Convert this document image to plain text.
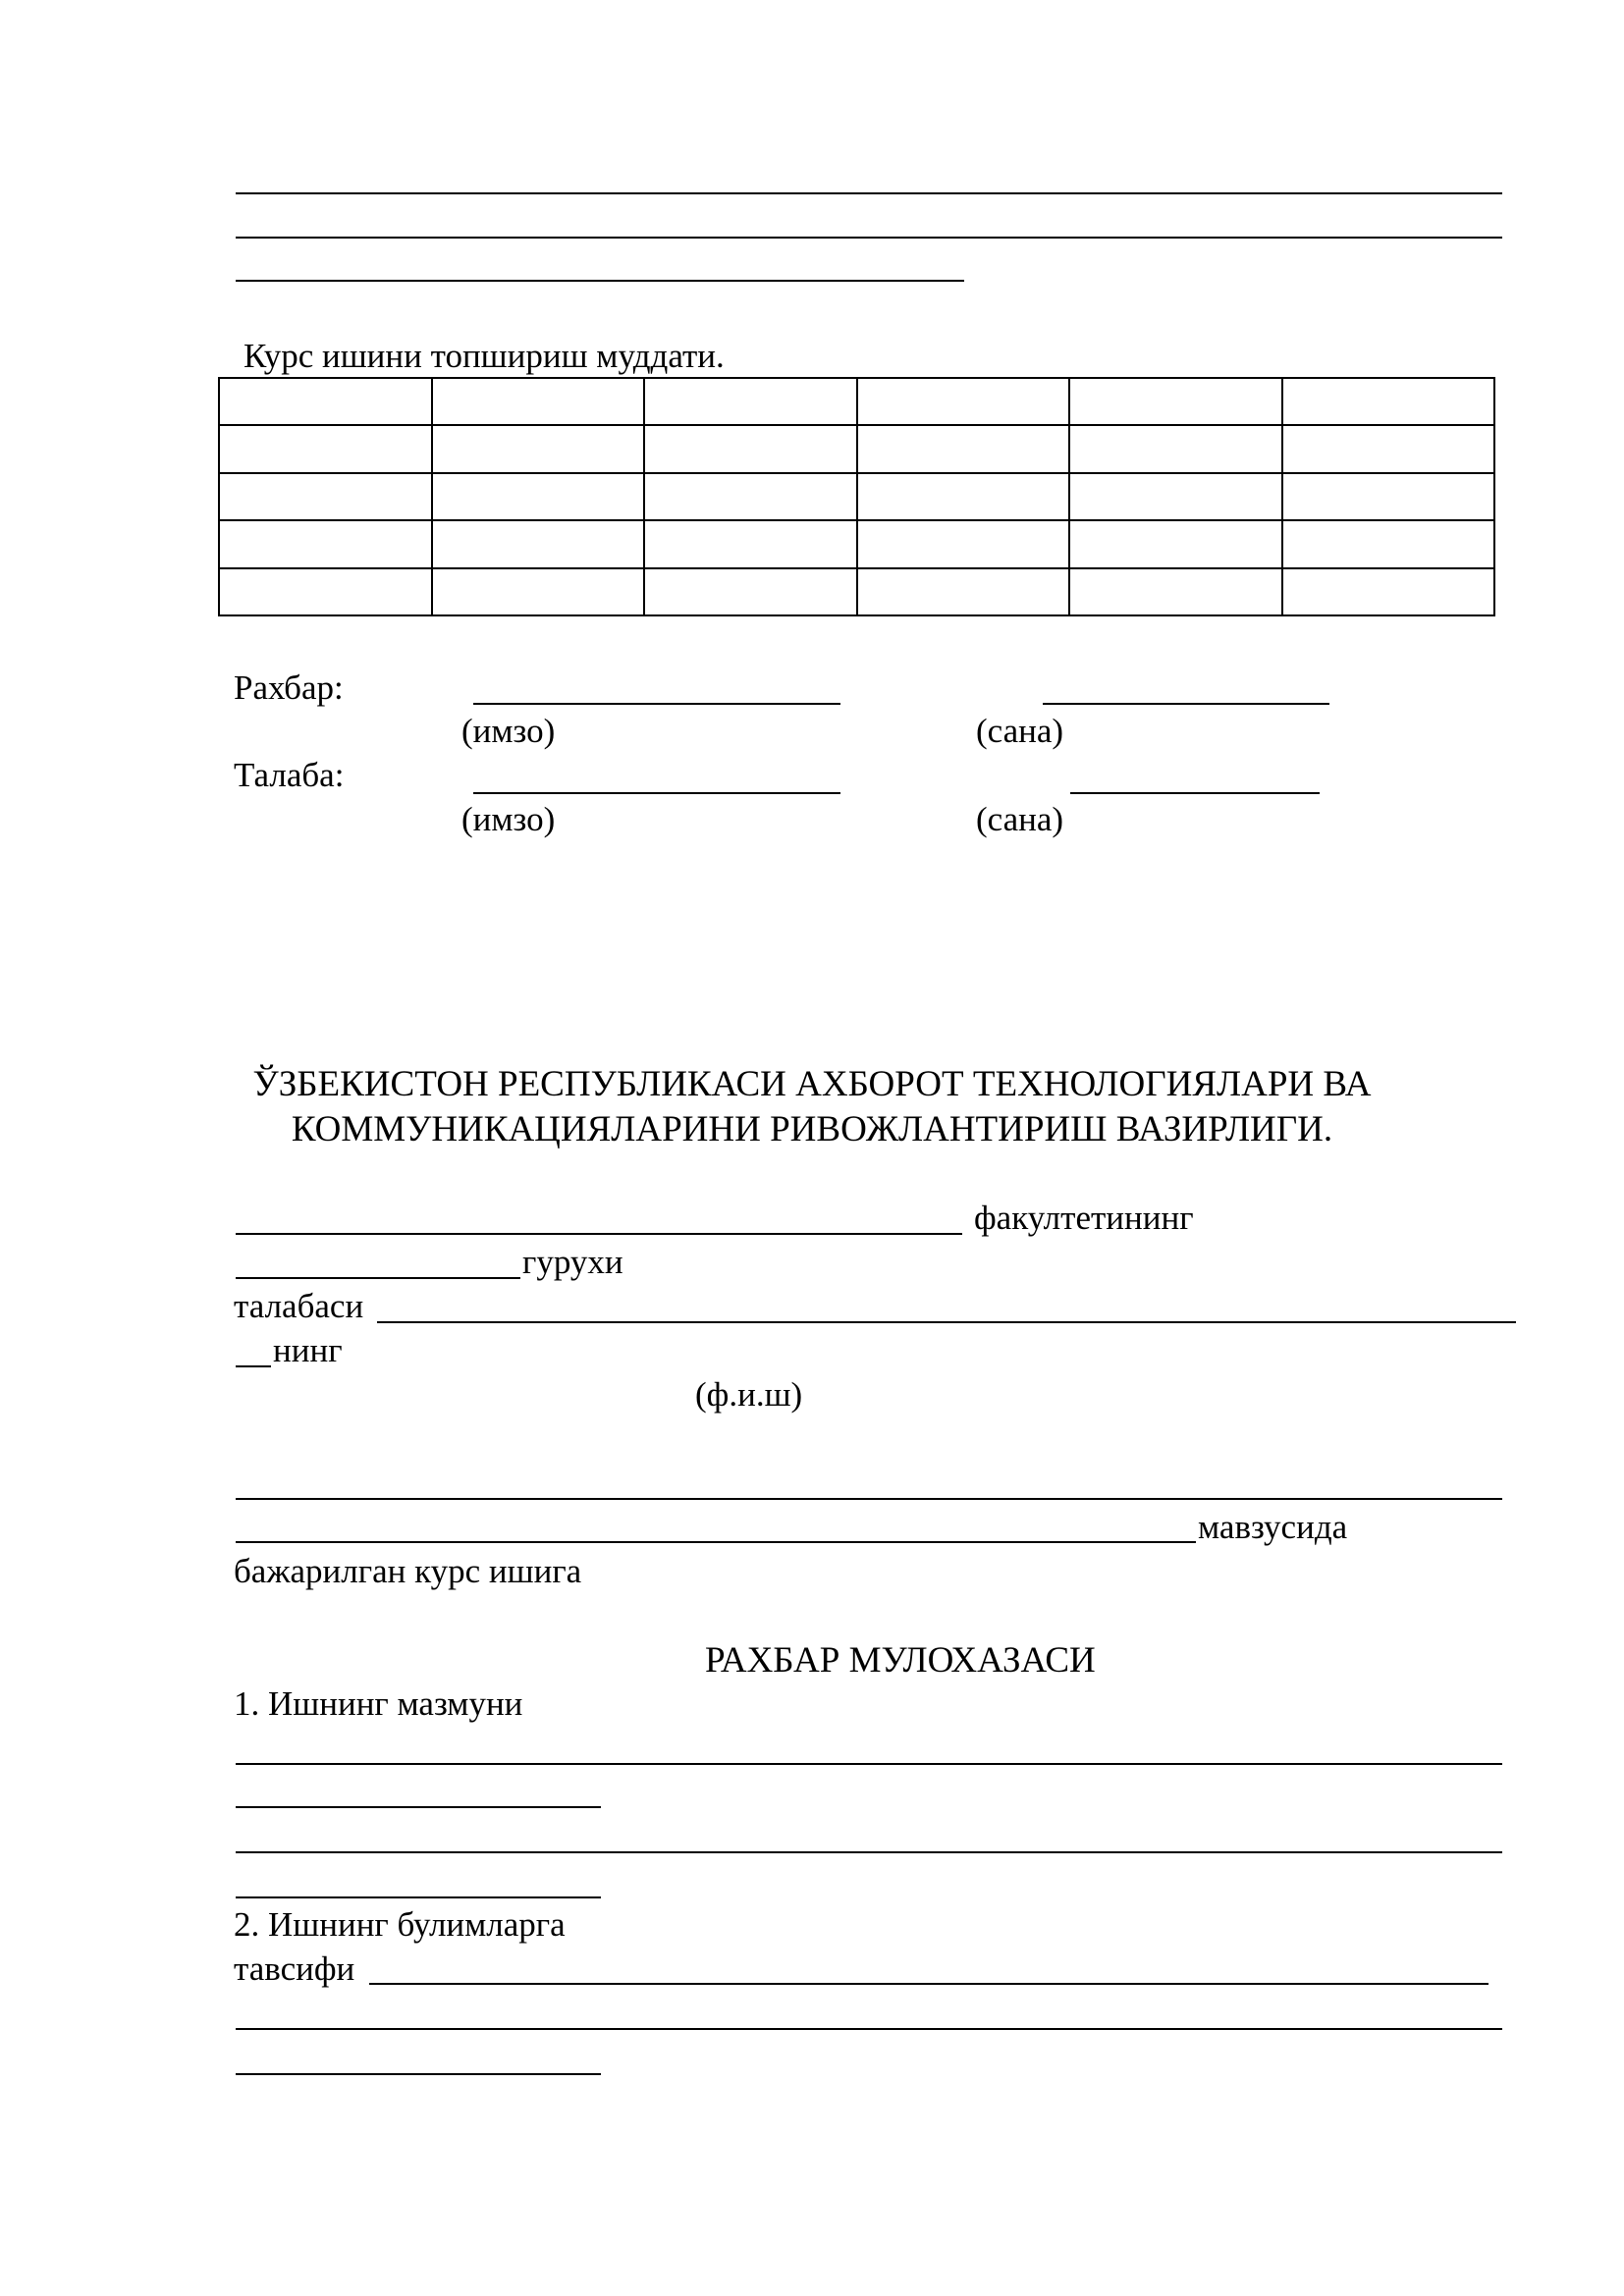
Курс ишини топшириш муддати.

Рахбар:
(имзо)	(сана)
Талаба:
(имзо)	(сана)
ЎЗБЕКИСТОН РЕСПУБЛИКАСИ АХБОРОТ ТЕХНОЛОГИЯЛАРИ ВА
КОММУНИКАЦИЯЛАРИНИ РИВОЖЛАНТИРИШ ВАЗИРЛИГИ.
факултетининг
гурухи
талабаси
нинг
(ф.и.ш)
мавзусида
бажарилган курс ишига
РАХБАР МУЛОХАЗАСИ
1. Ишнинг мазмуни
2. Ишнинг булимларга
тавсифи
